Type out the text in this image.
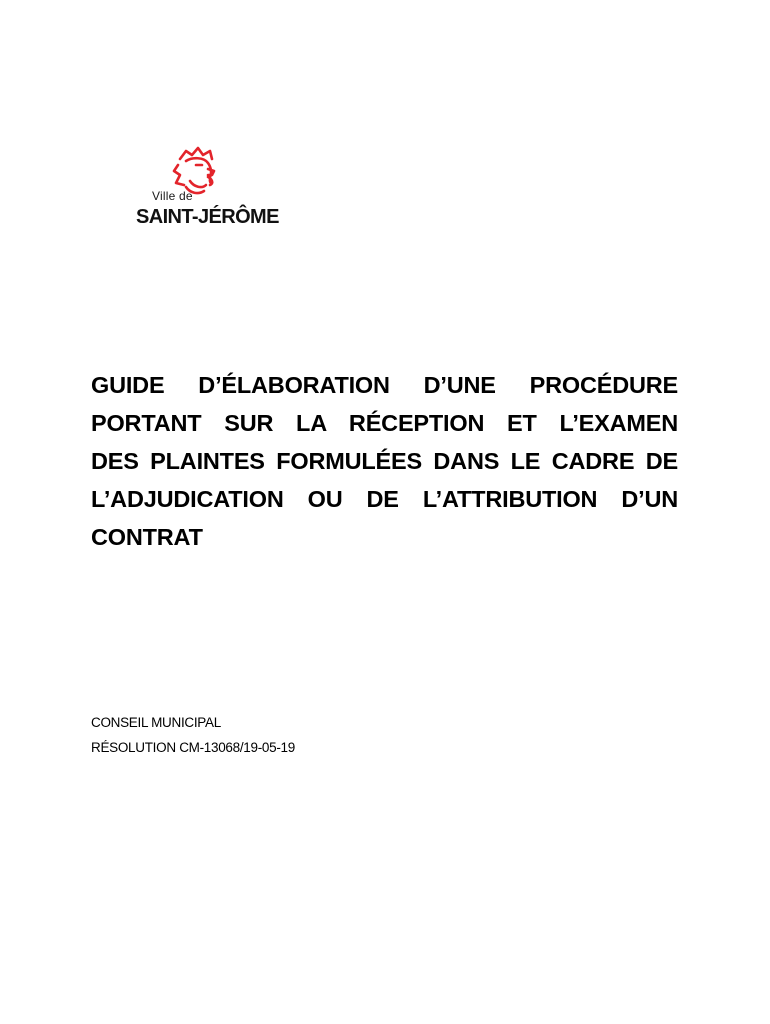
Ville de
SAINT-JÉRÔME
GUIDE D’ÉLABORATION D’UNE PROCÉDURE
PORTANT SUR LA RÉCEPTION ET L’EXAMEN
DES PLAINTES FORMULÉES DANS LE CADRE DE
L’ADJUDICATION OU DE L’ATTRIBUTION D’UN
CONTRAT
CONSEIL MUNICIPAL
RÉSOLUTION CM-13068/19-05-19
